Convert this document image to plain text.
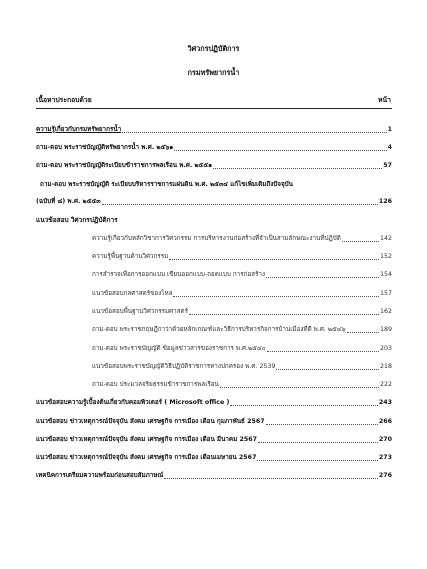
วิศวกรปฏิบัติการ
กรมทรัพยากรน้ำ
เนื้อหาประกอบด้วย	หน้า
ความรู้เกี่ยวกับกรมทรัพยากรน้ำ	1
ถาม-ตอบ พระราชบัญญัติทรัพยากรน้ำ พ.ศ. ๒๕๖๑	4
ถาม-ตอบ พระราชบัญญัติระเบียบข้าราชการพลเรือน พ.ศ. ๒๕๕๑	57
ถาม-ตอบ พระราชบัญญัติ ระเบียบบริหารราชการแผ่นดิน พ.ศ. ๒๕๓๔ แก้ไขเพิ่มเติมถึงปัจจุบัน
(ฉบับที่ ๘) พ.ศ. ๒๕๕๓	126
แนวข้อสอบ วิศวกรปฏิบัติการ
ความรู้เกี่ยวกับหลักวิชาการวิศวกรรม การบริหารงานก่อสร้างที่จำเป็นสามลักษณะงานที่ปฏิบัติ	142
ความรู้พื้นฐานด้านวิศวกรรม	152
การสำรวจเพื่อการออกแบบ เขียนออกแบบ-ถอดแบบ การก่อสร้าง	154
แนวข้อสอบกลศาสตร์ของไหล	157
แนวข้อสอบพื้นฐานวิศวกรรมศาสตร์	162
ถาม-ตอบ พระราชกฤษฎีกาว่าด้วยหลักเกณฑ์และวิธีการบริหารกิจการบ้านเมืองที่ดี พ.ศ. ๒๕๔๖	189
ถาม-ตอบ พระราชบัญญัติ ข้อมูลข่าวสารของราชการ พ.ศ.๒๕๔๐	203
แนวข้อสอบพระราชบัญญัติวิธีปฏิบัติราชการทางปกครอง พ.ศ. 2539	218
ถาม-ตอบ ประมวลจริยธรรมข้าราชการพลเรือน	222
แนวข้อสอบความรู้เบื้องต้นเกี่ยวกับคอมพิวเตอร์ ( Microsoft office )	243
แนวข้อสอบ ข่าวเหตุการณ์ปัจจุบัน สังคม เศรษฐกิจ การเมือง เดือน กุมภาพันธ์ 2567	266
แนวข้อสอบ ข่าวเหตุการณ์ปัจจุบัน สังคม เศรษฐกิจ การเมือง เดือน มีนาคม 2567	270
แนวข้อสอบ ข่าวเหตุการณ์ปัจจุบัน สังคม เศรษฐกิจ การเมือง เดือนเมษายน 2567	273
เทคนิคการเตรียมความพร้อมก่อนสอบสัมภาษณ์	276
